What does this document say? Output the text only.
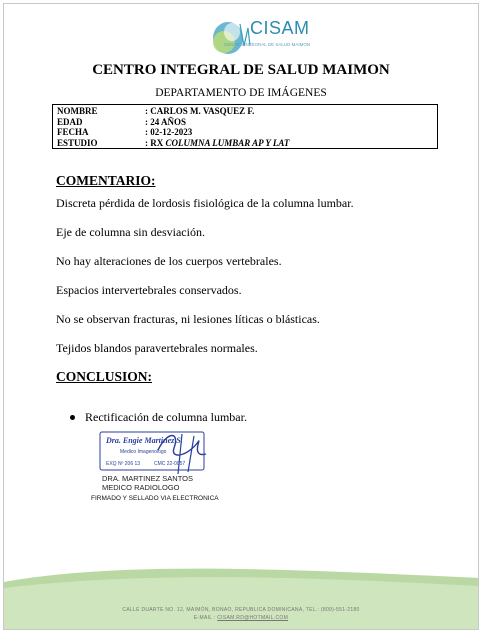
CISAM
CENTRO INTEGRAL DE SALUD MAIMON
CENTRO INTEGRAL DE SALUD MAIMON
DEPARTAMENTO DE IMÁGENES
NOMBRE	: CARLOS M. VASQUEZ F.
EDAD	: 24 AÑOS
FECHA	: 02-12-2023
ESTUDIO	: RX COLUMNA LUMBAR AP Y LAT
COMENTARIO:
Discreta pérdida de lordosis fisiológica de la columna lumbar.
Eje de columna sin desviación.
No hay alteraciones de los cuerpos vertebrales.
Espacios intervertebrales conservados.
No se observan fracturas, ni lesiones líticas o blásticas.
Tejidos blandos paravertebrales normales.
CONCLUSION:
Rectificación de columna lumbar.
Dra. Engie Martinez S.
Medico Imagenologo
EXQ Nº 206 13	CMC 22-0057
DRA. MARTINEZ SANTOS
MEDICO RADIOLOGO
FIRMADO Y SELLADO VIA ELECTRONICA
CALLE DUARTE NO. 12, MAIMÓN, BONAO, REPUBLICA DOMINICANA, TEL.: (809)-551-2180
E-MAIL : CISAM.RD@HOTMAIL.COM
